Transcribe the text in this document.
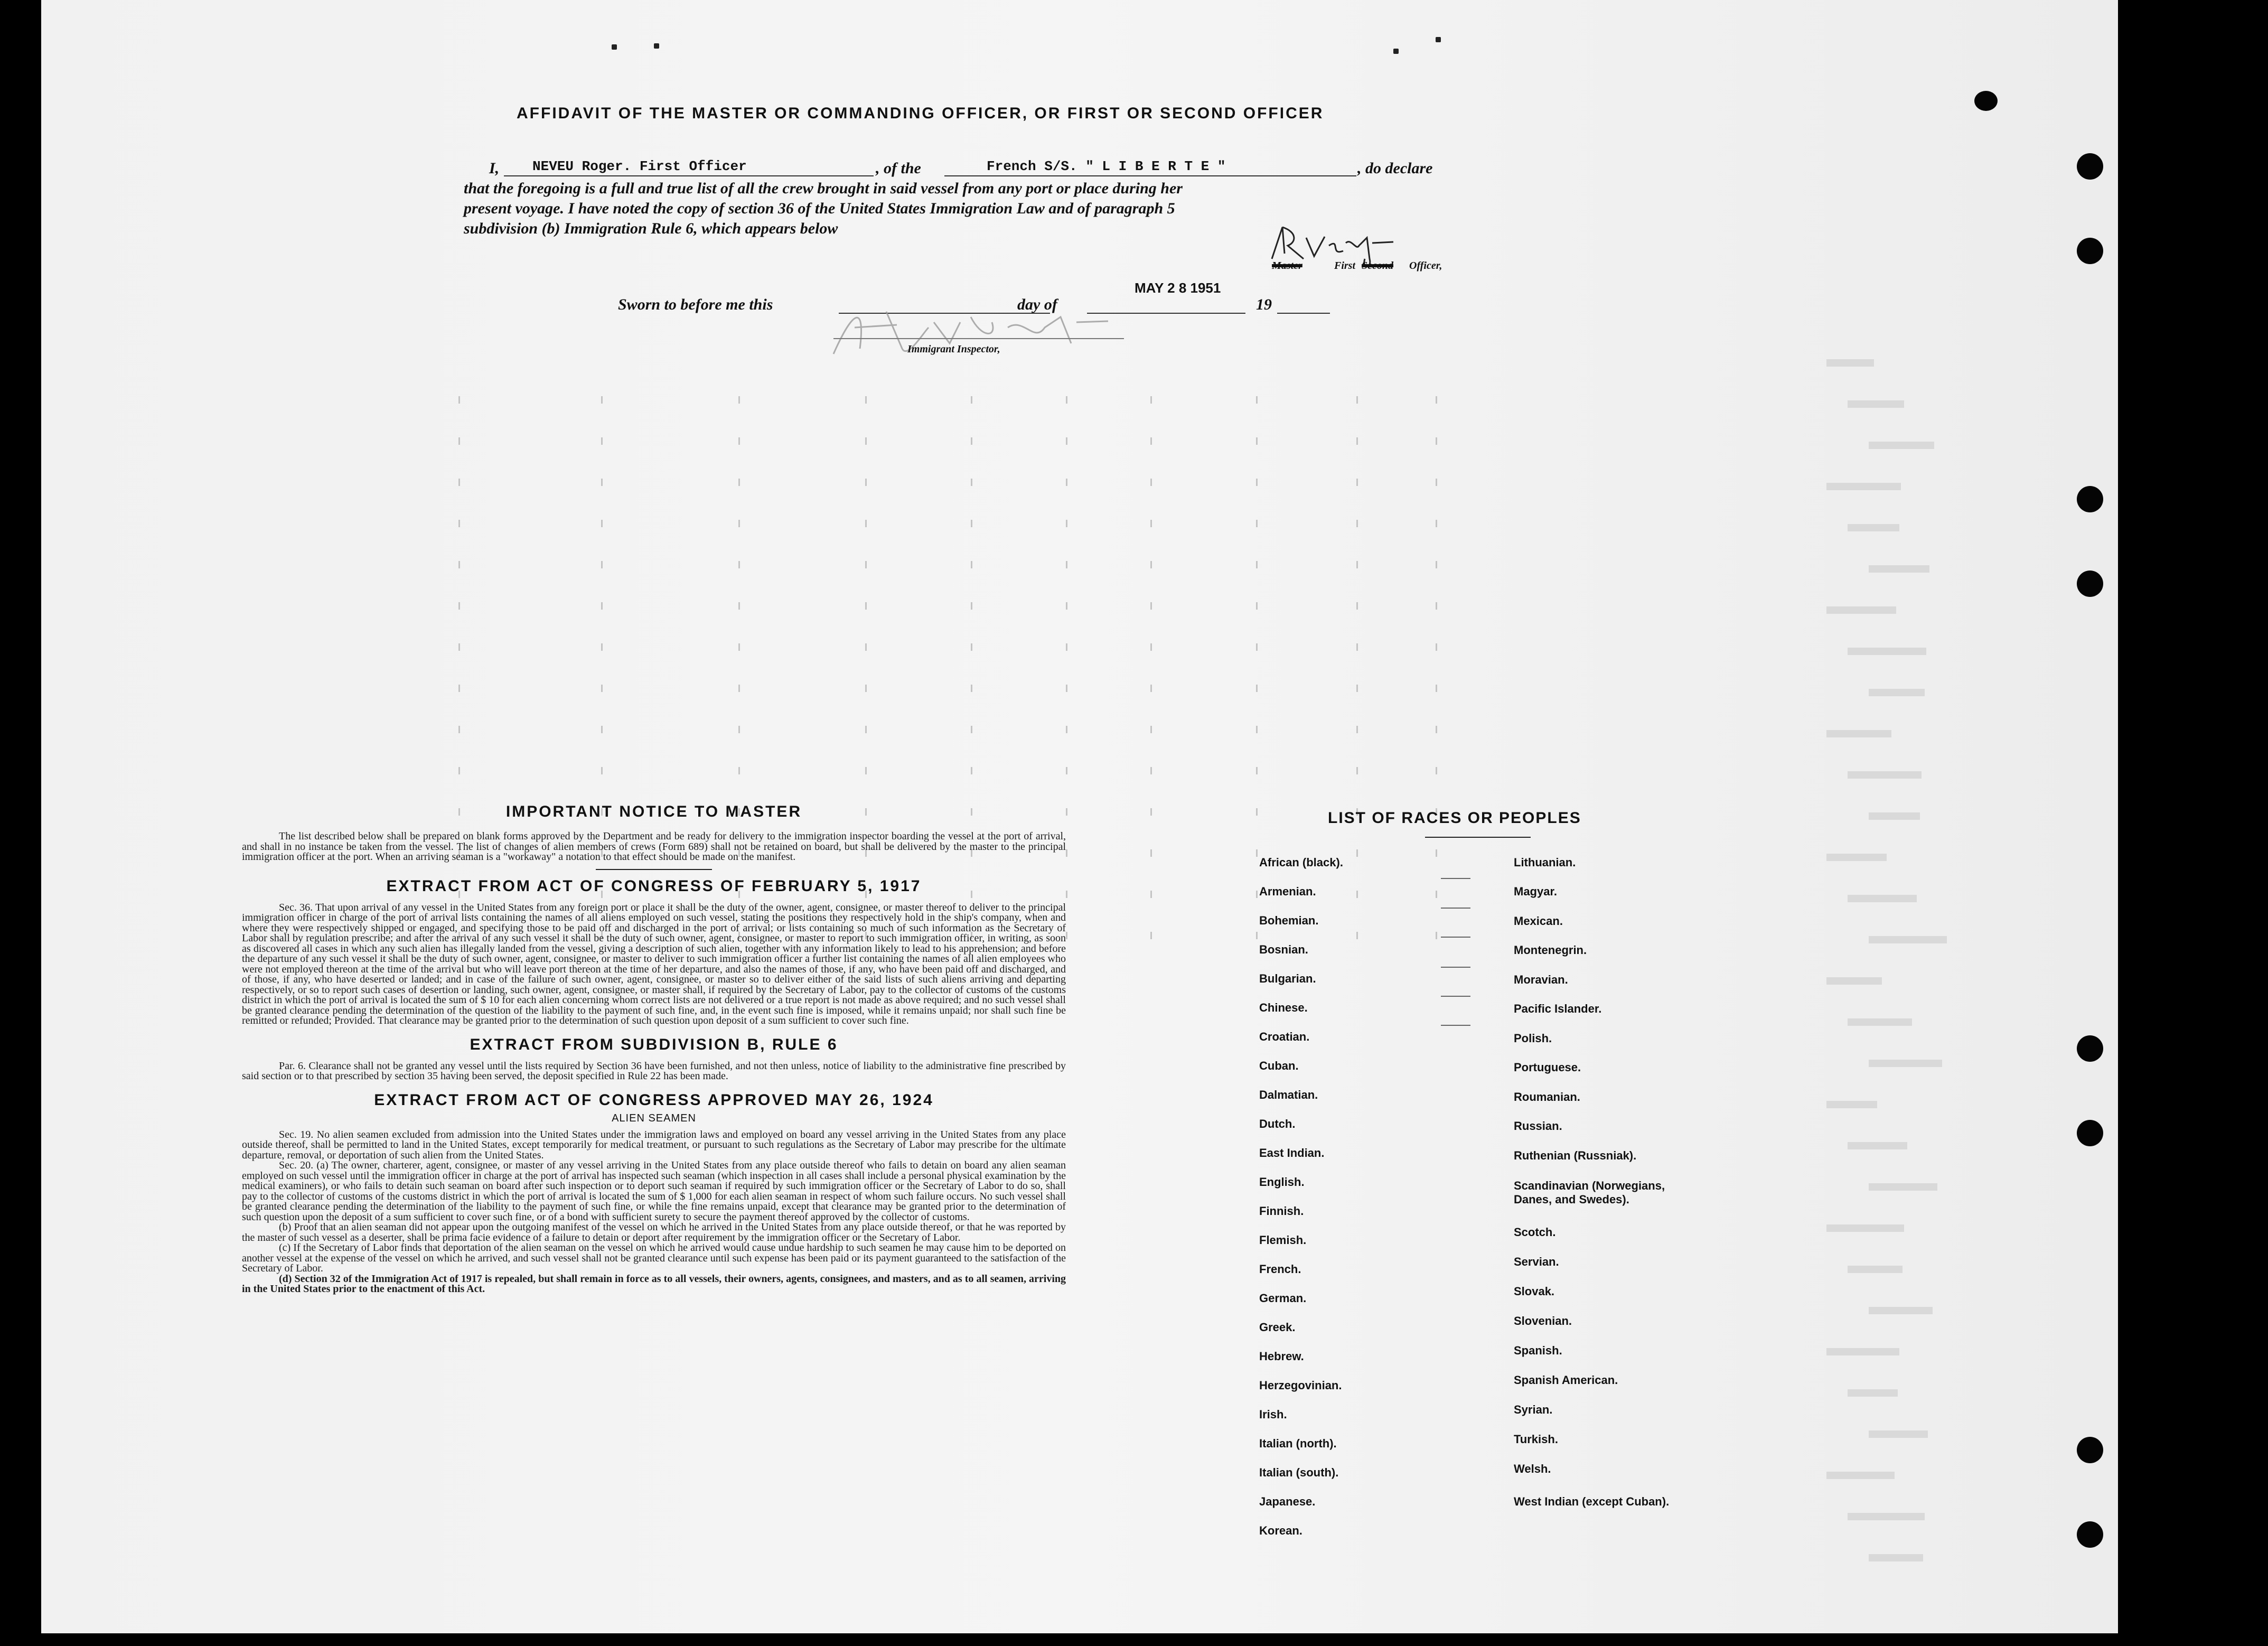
AFFIDAVIT OF THE MASTER OR COMMANDING OFFICER, OR FIRST OR SECOND OFFICER
I, NEVEU Roger. First Officer	, of the	French S/S. " L I B E R T E "	, do declare
that the foregoing is a full and true list of all the crew brought in said vessel from any port or place during her
present voyage. I have noted the copy of section 36 of the United States Immigration Law and of paragraph 5
subdivision (b) Immigration Rule 6, which appears below
Master	First Second Officer,
Sworn to before me this	day of
MAY 2 8 1951
19
Immigrant Inspector,
IMPORTANT NOTICE TO MASTER

The list described below shall be prepared on blank forms approved by the Department and be ready for delivery to the immigration inspector boarding the vessel at the port of arrival, and shall in no instance be taken from the vessel. The list of changes of alien members of crews (Form 689) shall not be retained on board, but shall be delivered by the master to the principal immigration officer at the port. When an arriving seaman is a "workaway" a notation to that effect should be made on the manifest.

EXTRACT FROM ACT OF CONGRESS OF FEBRUARY 5, 1917

Sec. 36. That upon arrival of any vessel in the United States from any foreign port or place it shall be the duty of the owner, agent, consignee, or master thereof to deliver to the principal immigration officer in charge of the port of arrival lists containing the names of all aliens employed on such vessel, stating the positions they respectively hold in the ship's company, when and where they were respectively shipped or engaged, and specifying those to be paid off and discharged in the port of arrival; or lists containing so much of such information as the Secretary of Labor shall by regulation prescribe; and after the arrival of any such vessel it shall be the duty of such owner, agent, consignee, or master to report to such immigration officer, in writing, as soon as discovered all cases in which any such alien has illegally landed from the vessel, giving a description of such alien, together with any information likely to lead to his apprehension; and before the departure of any such vessel it shall be the duty of such owner, agent, consignee, or master to deliver to such immigration officer a further list containing the names of all alien employees who were not employed thereon at the time of the arrival but who will leave port thereon at the time of her departure, and also the names of those, if any, who have been paid off and discharged, and of those, if any, who have deserted or landed; and in case of the failure of such owner, agent, consignee, or master so to deliver either of the said lists of such aliens arriving and departing respectively, or so to report such cases of desertion or landing, such owner, agent, consignee, or master shall, if required by the Secretary of Labor, pay to the collector of customs of the customs district in which the port of arrival is located the sum of $ 10 for each alien concerning whom correct lists are not delivered or a true report is not made as above required; and no such vessel shall be granted clearance pending the determination of the question of the liability to the payment of such fine, and, in the event such fine is imposed, while it remains unpaid; nor shall such fine be remitted or refunded; Provided. That clearance may be granted prior to the determination of such question upon deposit of a sum sufficient to cover such fine.

EXTRACT FROM SUBDIVISION B, RULE 6

Par. 6. Clearance shall not be granted any vessel until the lists required by Section 36 have been furnished, and not then unless, notice of liability to the administrative fine prescribed by said section or to that prescribed by section 35 having been served, the deposit specified in Rule 22 has been made.

EXTRACT FROM ACT OF CONGRESS APPROVED MAY 26, 1924
ALIEN SEAMEN

Sec. 19. No alien seamen excluded from admission into the United States under the immigration laws and employed on board any vessel arriving in the United States from any place outside thereof, shall be permitted to land in the United States, except temporarily for medical treatment, or pursuant to such regulations as the Secretary of Labor may prescribe for the ultimate departure, removal, or deportation of such alien from the United States.

Sec. 20. (a) The owner, charterer, agent, consignee, or master of any vessel arriving in the United States from any place outside thereof who fails to detain on board any alien seaman employed on such vessel until the immigration officer in charge at the port of arrival has inspected such seaman (which inspection in all cases shall include a personal physical examination by the medical examiners), or who fails to detain such seaman on board after such inspection or to deport such seaman if required by such immigration officer or the Secretary of Labor to do so, shall pay to the collector of customs of the customs district in which the port of arrival is located the sum of $ 1,000 for each alien seaman in respect of whom such failure occurs. No such vessel shall be granted clearance pending the determination of the liability to the payment of such fine, or while the fine remains unpaid, except that clearance may be granted prior to the determination of such question upon the deposit of a sum sufficient to cover such fine, or of a bond with sufficient surety to secure the payment thereof approved by the collector of customs.

(b) Proof that an alien seaman did not appear upon the outgoing manifest of the vessel on which he arrived in the United States from any place outside thereof, or that he was reported by the master of such vessel as a deserter, shall be prima facie evidence of a failure to detain or deport after requirement by the immigration officer or the Secretary of Labor.

(c) If the Secretary of Labor finds that deportation of the alien seaman on the vessel on which he arrived would cause undue hardship to such seamen he may cause him to be deported on another vessel at the expense of the vessel on which he arrived, and such vessel shall not be granted clearance until such expense has been paid or its payment guaranteed to the satisfaction of the Secretary of Labor.

(d) Section 32 of the Immigration Act of 1917 is repealed, but shall remain in force as to all vessels, their owners, agents, consignees, and masters, and as to all seamen, arriving in the United States prior to the enactment of this Act.

LIST OF RACES OR PEOPLES
African (black).
Armenian.
Bohemian.
Bosnian.
Bulgarian.
Chinese.
Croatian.
Cuban.
Dalmatian.
Dutch.
East Indian.
English.
Finnish.
Flemish.
French.
German.
Greek.
Hebrew.
Herzegovinian.
Irish.
Italian (north).
Italian (south).
Japanese.
Korean.
Lithuanian.
Magyar.
Mexican.
Montenegrin.
Moravian.
Pacific Islander.
Polish.
Portuguese.
Roumanian.
Russian.
Ruthenian (Russniak).
Scandinavian (Norwegians, Danes, and Swedes).
Scotch.
Servian.
Slovak.
Slovenian.
Spanish.
Spanish American.
Syrian.
Turkish.
Welsh.
West Indian (except Cuban).
